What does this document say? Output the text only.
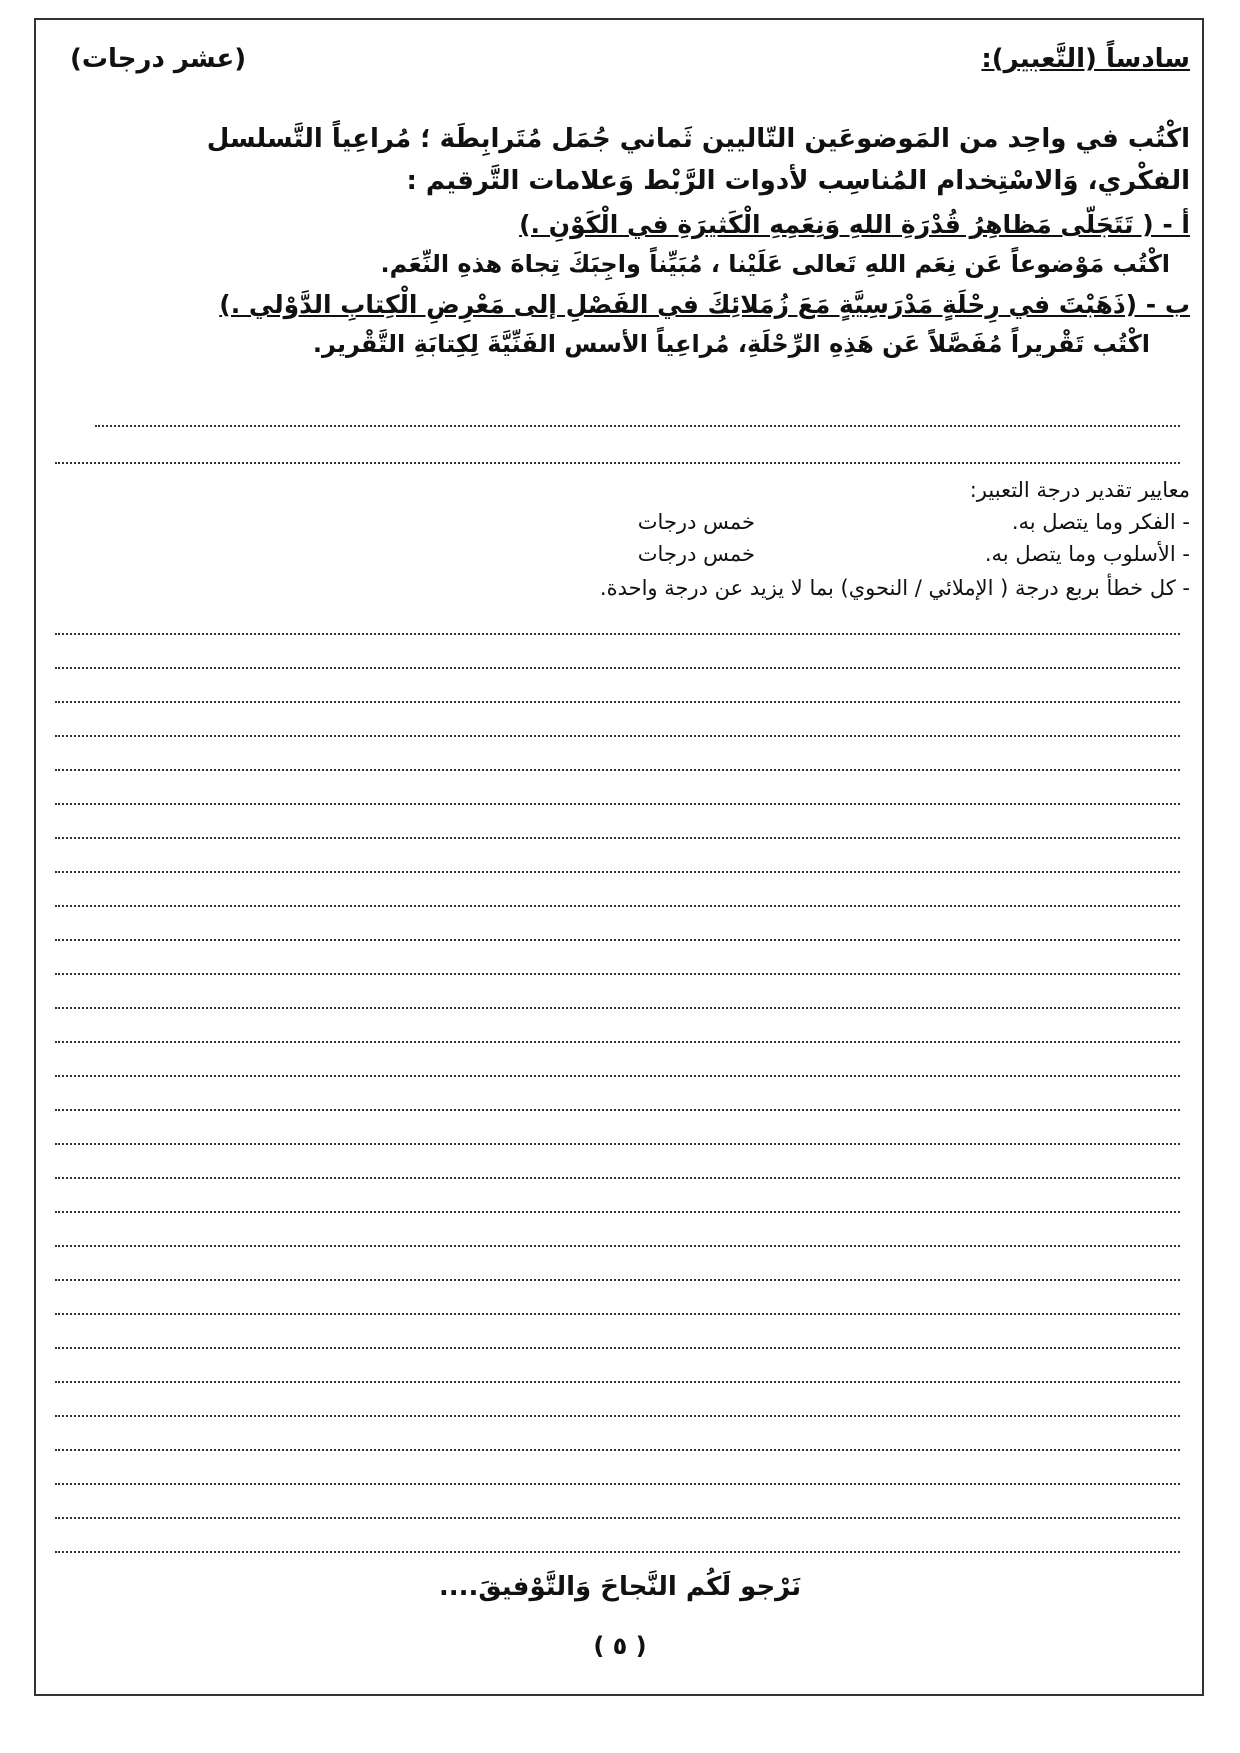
سادساً (التَّعبير):
(عشر درجات)
اكْتُب في واحِد من المَوضوعَين التّاليين ثَماني جُمَل مُتَرابِطَة ؛ مُراعِياً التَّسلسل الفكْري، وَالاسْتِخدام المُناسِب لأدوات الرَّبْط وَعلامات التَّرقيم :
أ - ( تَتَجَلّى مَظاهِرُ قُدْرَةِ اللهِ وَنِعَمِهِ الْكَثيرَةِ في الْكَوْنِ .)
اكْتُب مَوْضوعاً عَن نِعَم اللهِ تَعالى عَلَيْنا ، مُبَيِّناً واجِبَكَ تِجاهَ هذهِ النِّعَم.
ب - (ذَهَبْتَ في رِحْلَةٍ مَدْرَسِيَّةٍ مَعَ زُمَلائِكَ في الفَصْلِ إلى مَعْرِضِ الْكِتابِ الدَّوْلي .)
اكْتُب تَقْريراً مُفَصَّلاً عَن هَذِهِ الرِّحْلَةِ، مُراعِياً الأسس الفَنِّيَّةَ لِكِتابَةِ التَّقْرير.
معايير تقدير درجة التعبير:
- الفكر وما يتصل به.
خمس درجات
- الأسلوب وما يتصل به.
خمس درجات
- كل خطأ بربع درجة ( الإملائي / النحوي) بما لا يزيد عن درجة واحدة.
نَرْجو لَكُم النَّجاحَ وَالتَّوْفيقَ....
( ٥ )
